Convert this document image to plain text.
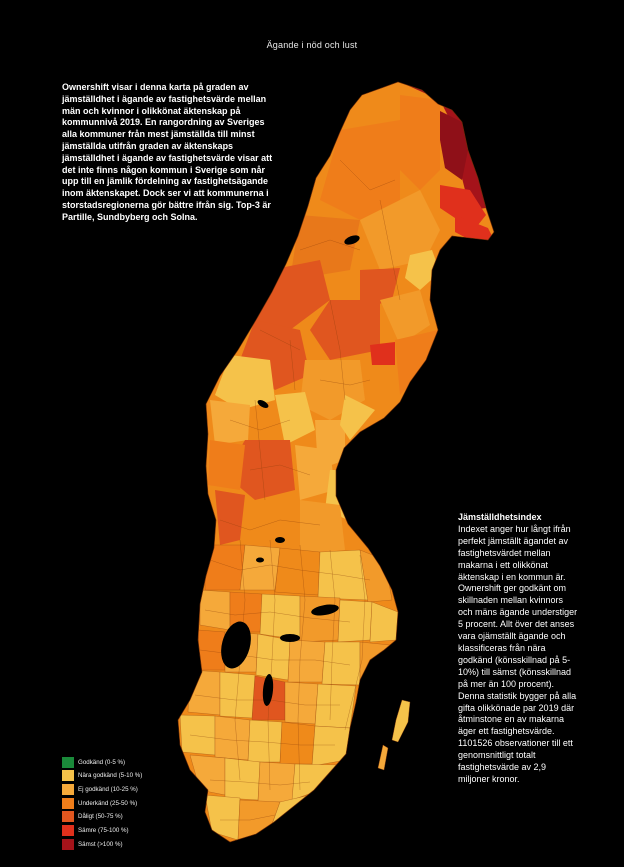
Ägande i nöd och lust
Ownershift visar i denna karta på graden av jämställdhet i ägande av fastighetsvärde mellan män och kvinnor i olikkönat äktenskap på kommunnivå 2019. En rangordning av Sveriges alla kommuner från mest jämställda till minst jämställda utifrån graden av äktenskaps jämställdhet i ägande av fastighetsvärde visar att det inte finns någon kommun i Sverige som når upp till en jämlik fördelning av fastighetsägande inom äktenskapet. Dock ser vi att kommunerna i storstadsregionerna gör bättre ifrån sig. Top-3 är Partille, Sundbyberg och Solna.
Jämställdhetsindex
Indexet anger hur långt ifrån perfekt jämställt ägandet av fastighetsvärdet mellan makarna i ett olikkönat äktenskap i en kommun är. Ownershift ger godkänt om skillnaden mellan kvinnors och mäns ägande understiger 5 procent. Allt över det anses vara ojämställt ägande och klassificeras från nära godkänd (könsskillnad på 5-10%) till sämst (könsskillnad på mer än 100 procent). Denna statistik bygger på alla gifta olikkönade par 2019 där åtminstone en av makarna äger ett fastighetsvärde. 1101526 observationer till ett genomsnittligt totalt fastighetsvärde av 2,9 miljoner kronor.
Godkänd (0-5 %)
Nära godkänd (5-10 %)
Ej godkänd (10-25 %)
Underkänd (25-50 %)
Dåligt (50-75 %)
Sämre (75-100 %)
Sämst (>100 %)
